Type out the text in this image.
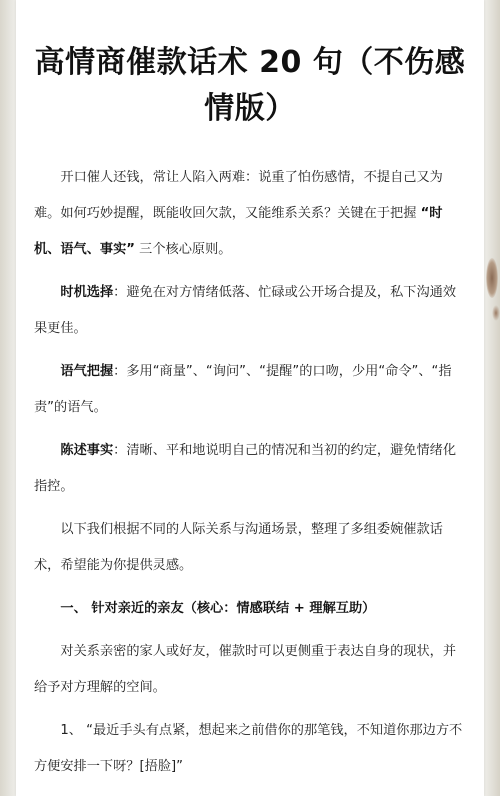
高情商催款话术 20 句（不伤感
情版）

开口催人还钱，常让人陷入两难：说重了怕伤感情，不提自己又为难。如何巧妙提醒，既能收回欠款，又能维系关系？关键在于把握 “时机、语气、事实” 三个核心原则。

时机选择：避免在对方情绪低落、忙碌或公开场合提及，私下沟通效果更佳。

语气把握：多用“商量”、“询问”、“提醒”的口吻，少用“命令”、“指责”的语气。

陈述事实：清晰、平和地说明自己的情况和当初的约定，避免情绪化指控。

以下我们根据不同的人际关系与沟通场景，整理了多组委婉催款话术，希望能为你提供灵感。

一、 针对亲近的亲友（核心：情感联结 + 理解互助）

对关系亲密的家人或好友，催款时可以更侧重于表达自身的现状，并给予对方理解的空间。

1、 “最近手头有点紧，想起来之前借你的那笔钱，不知道你那边方不方便安排一下呀？[捂脸]”
